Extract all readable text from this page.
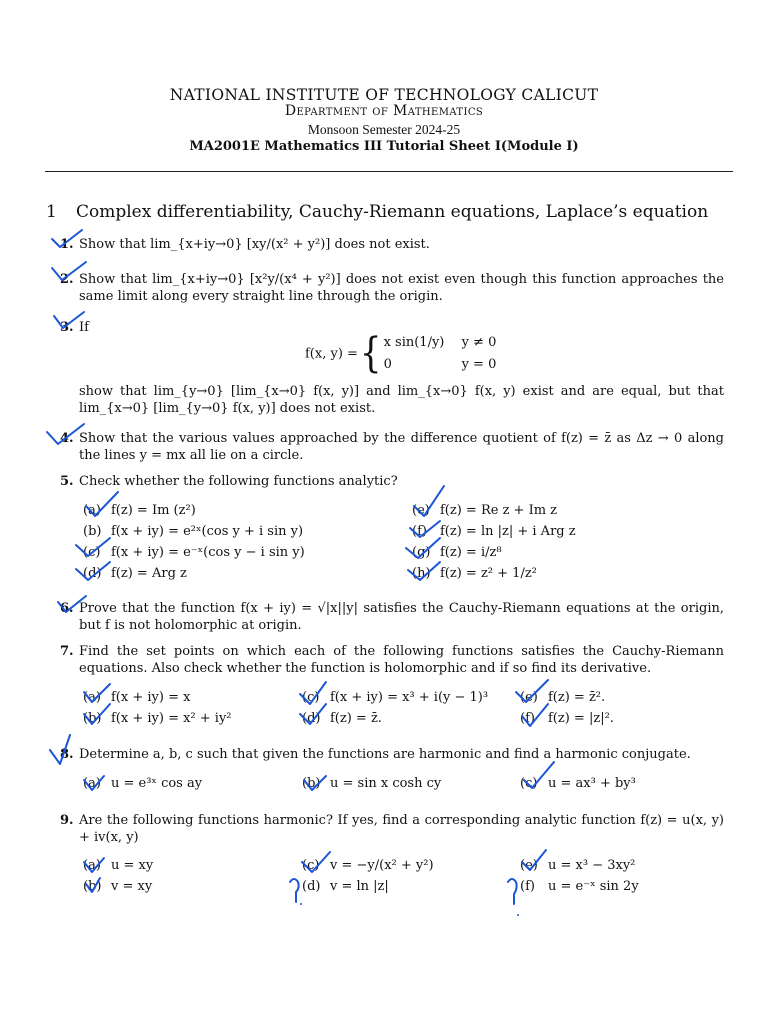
NATIONAL INSTITUTE OF TECHNOLOGY CALICUT
Department of Mathematics
Monsoon Semester 2024-25
MA2001E Mathematics III Tutorial Sheet I(Module I)
1 Complex differentiability, Cauchy-Riemann equations, Laplace’s equation
1. Show that lim_{x+iy→0} [xy/(x² + y²)] does not exist.
2. Show that lim_{x+iy→0} [x²y/(x⁴ + y²)] does not exist even though this function approaches the same limit along every straight line through the origin.
3. If
f(x, y) ={ x sin(1/y) y ≠ 0
0	y = 0
show that lim_{y→0} [lim_{x→0} f(x, y)] and lim_{x→0} f(x, y) exist and are equal, but that lim_{x→0} [lim_{y→0} f(x, y)] does not exist.
4. Show that the various values approached by the difference quotient of f(z) = z̄ as Δz → 0 along the lines y = mx all lie on a circle.
5. Check whether the following functions analytic?
(a) f(z) = Im (z²)
(b) f(x + iy) = e²ˣ(cos y + i sin y)
(c) f(x + iy) = e⁻ˣ(cos y − i sin y)
(d) f(z) = Arg z
(e) f(z) = Re z + Im z
(f) f(z) = ln |z| + i Arg z
(g) f(z) = i/z⁸
(h) f(z) = z² + 1/z²
6. Prove that the function f(x + iy) = √|x||y| satisfies the Cauchy-Riemann equations at the origin, but f is not holomorphic at origin.
7. Find the set points on which each of the following functions satisfies the Cauchy-Riemann equations. Also check whether the function is holomorphic and if so find its derivative.
(a) f(x + iy) = x
(b) f(x + iy) = x² + iy²
(c) f(x + iy) = x³ + i(y − 1)³
(d) f(z) = z̄.
(e) f(z) = z̄².
(f) f(z) = |z|².
8. Determine a, b, c such that given the functions are harmonic and find a harmonic conjugate.
(a) u = e³ˣ cos ay	(b) u = sin x cosh cy	(c) u = ax³ + by³
9. Are the following functions harmonic? If yes, find a corresponding analytic function f(z) = u(x, y) + iv(x, y)
(a) u = xy
(b) v = xy
(c) v = −y/(x² + y²)
(d) v = ln |z|
(e) u = x³ − 3xy²
(f) u = e⁻ˣ sin 2y
